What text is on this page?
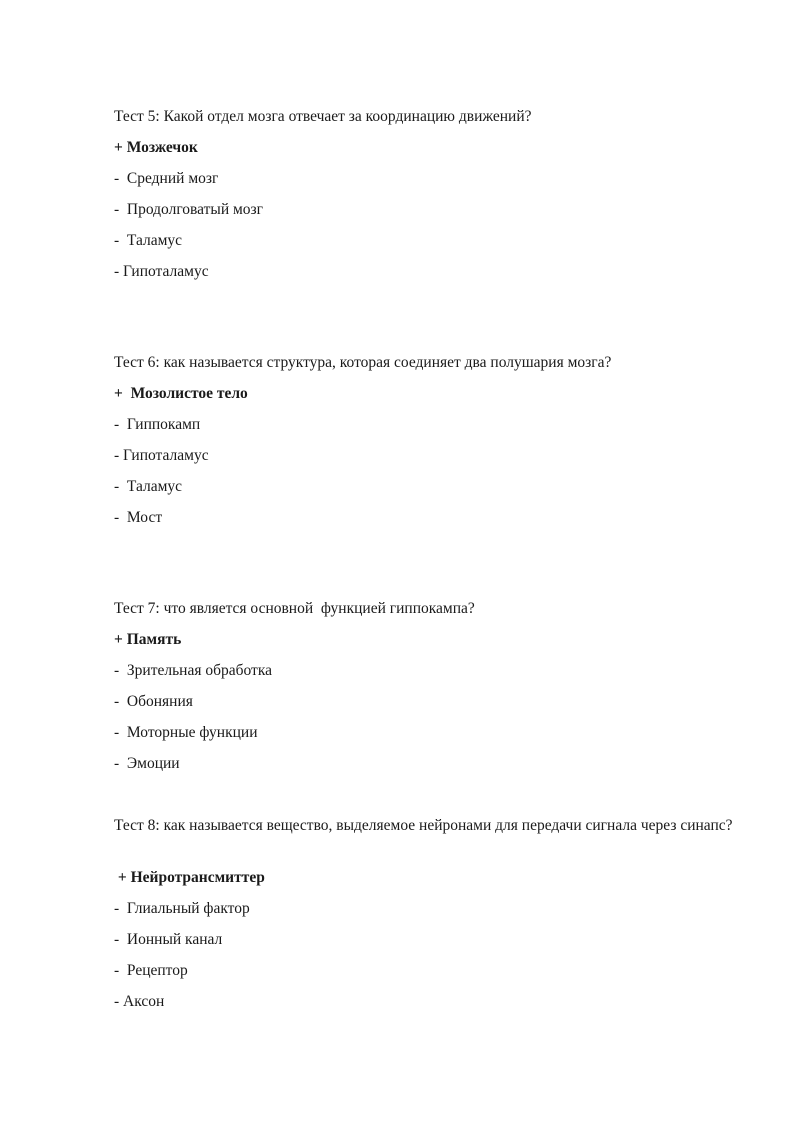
Тест 5: Какой отдел мозга отвечает за координацию движений?
+ Мозжечок
-  Средний мозг
-  Продолговатый мозг
-  Таламус
- Гипоталамус
Тест 6: как называется структура, которая соединяет два полушария мозга?
+  Мозолистое тело
-  Гиппокамп
- Гипоталамус
-  Таламус
-  Мост
Тест 7: что является основной  функцией гиппокампа?
+ Память
-  Зрительная обработка
-  Обоняния
-  Моторные функции
-  Эмоции
Тест 8: как называется вещество, выделяемое нейронами для передачи сигнала через синапс?
+ Нейротрансмиттер
-  Глиальный фактор
-  Ионный канал
-  Рецептор
- Аксон
